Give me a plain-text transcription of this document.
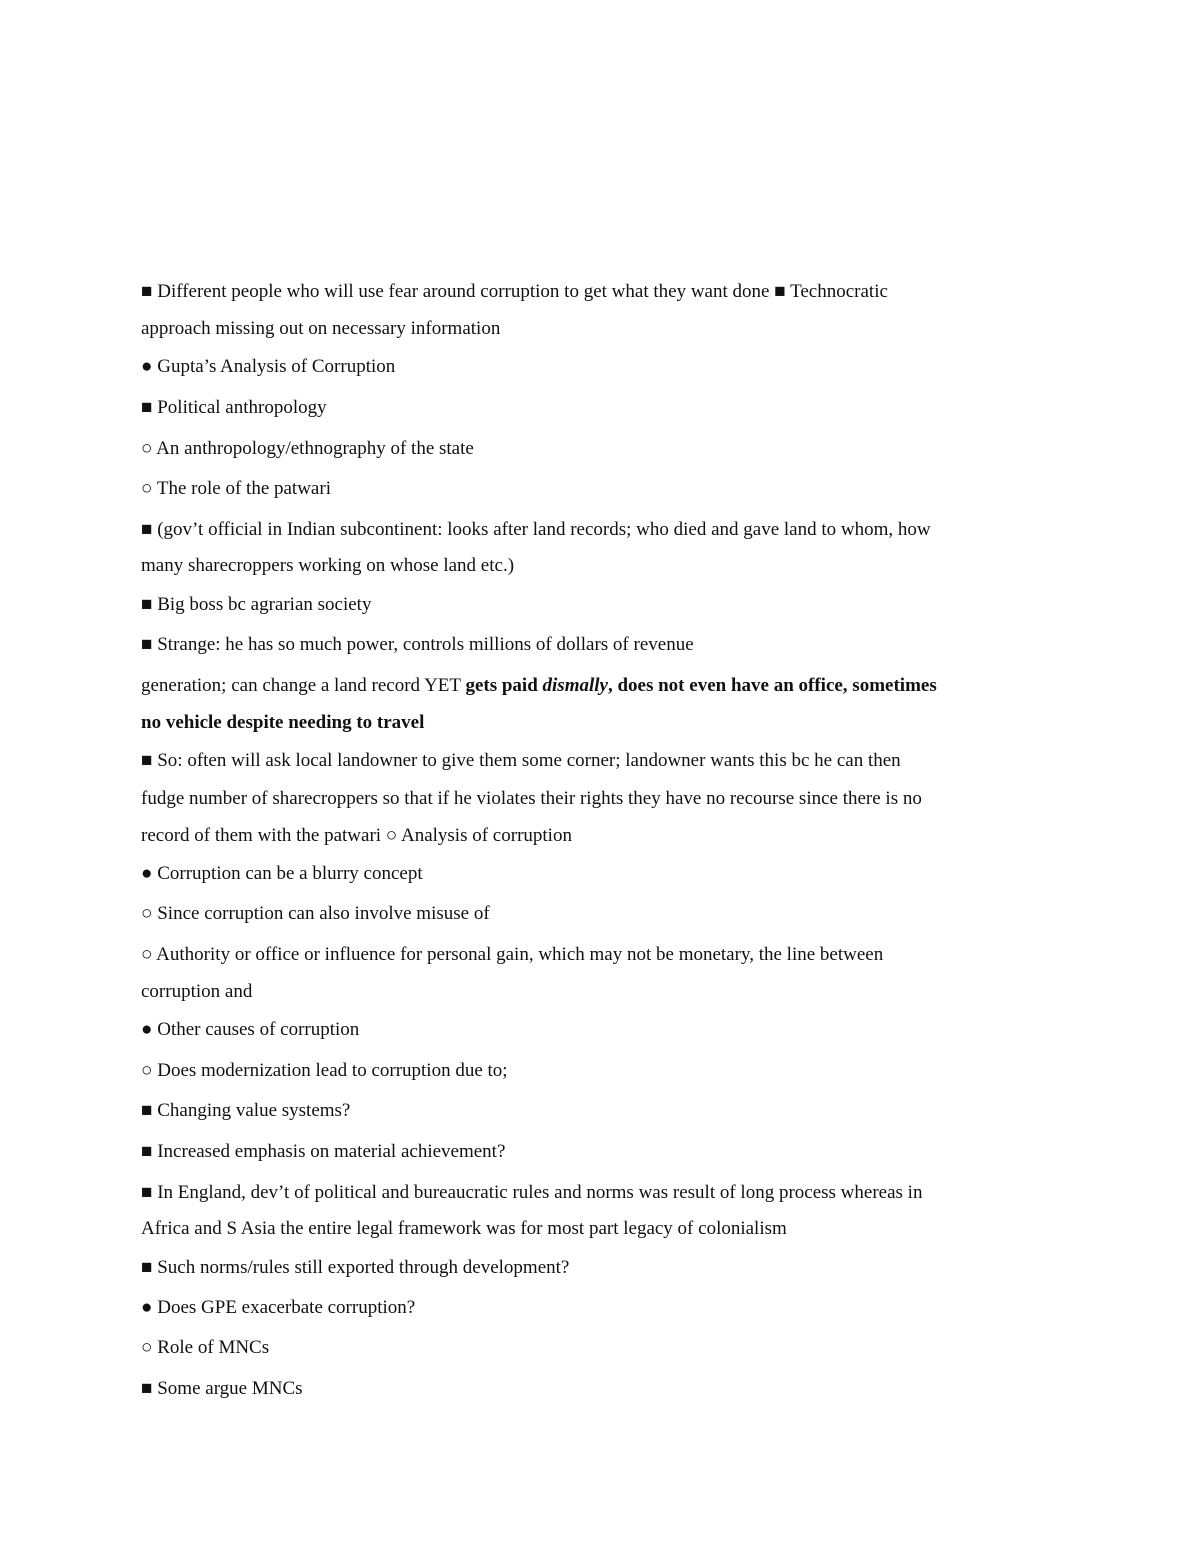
■ Different people who will use fear around corruption to get what they want done ■ Technocratic
approach missing out on necessary information
● Gupta’s Analysis of Corruption
■ Political anthropology
○ An anthropology/ethnography of the state
○ The role of the patwari
■ (gov’t official in Indian subcontinent: looks after land records; who died and gave land to whom, how
many sharecroppers working on whose land etc.)
■ Big boss bc agrarian society
■ Strange: he has so much power, controls millions of dollars of revenue
generation; can change a land record YET gets paid dismally, does not even have an office, sometimes
no vehicle despite needing to travel
■ So: often will ask local landowner to give them some corner; landowner wants this bc he can then
fudge number of sharecroppers so that if he violates their rights they have no recourse since there is no
record of them with the patwari ○ Analysis of corruption
● Corruption can be a blurry concept
○ Since corruption can also involve misuse of
○ Authority or office or influence for personal gain, which may not be monetary, the line between
corruption and
● Other causes of corruption
○ Does modernization lead to corruption due to;
■ Changing value systems?
■ Increased emphasis on material achievement?
■ In England, dev’t of political and bureaucratic rules and norms was result of long process whereas in
Africa and S Asia the entire legal framework was for most part legacy of colonialism
■ Such norms/rules still exported through development?
● Does GPE exacerbate corruption?
○ Role of MNCs
■ Some argue MNCs
